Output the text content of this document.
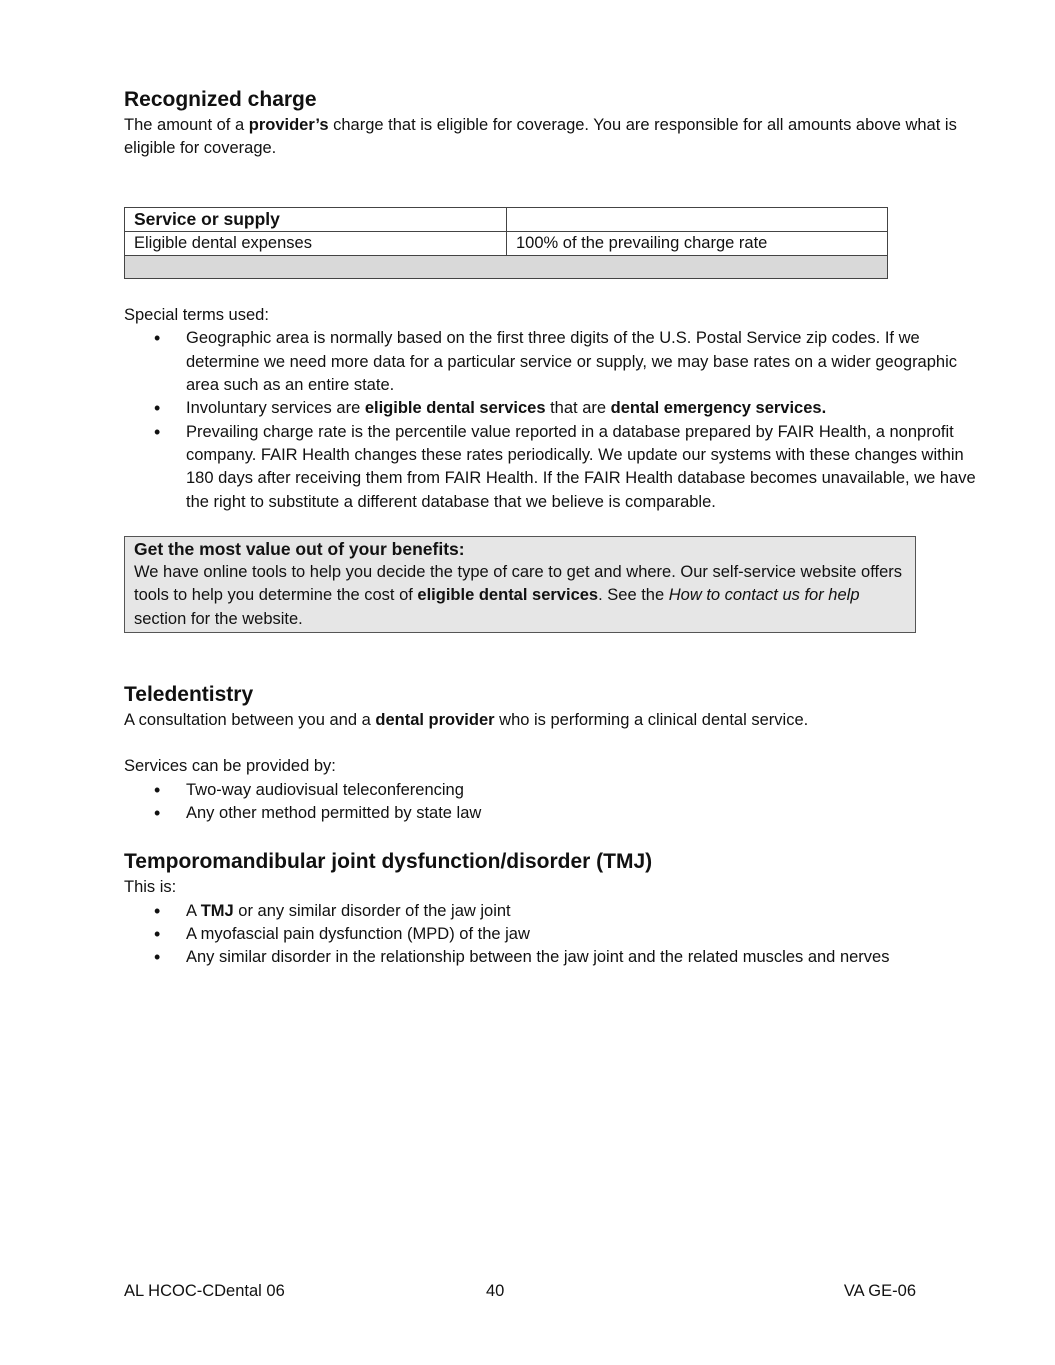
Recognized charge

The amount of a provider’s charge that is eligible for coverage. You are responsible for all amounts above what is eligible for coverage.

Service or supply	
Eligible dental expenses	100% of the prevailing charge rate

Special terms used:

• Geographic area is normally based on the first three digits of the U.S. Postal Service zip codes. If we determine we need more data for a particular service or supply, we may base rates on a wider geographic area such as an entire state.
• Involuntary services are eligible dental services that are dental emergency services.
• Prevailing charge rate is the percentile value reported in a database prepared by FAIR Health, a nonprofit company. FAIR Health changes these rates periodically. We update our systems with these changes within 180 days after receiving them from FAIR Health. If the FAIR Health database becomes unavailable, we have the right to substitute a different database that we believe is comparable.
Get the most value out of your benefits:
We have online tools to help you decide the type of care to get and where. Our self-service website offers tools to help you determine the cost of eligible dental services. See the How to contact us for help section for the website.
Teledentistry

A consultation between you and a dental provider who is performing a clinical dental service.

Services can be provided by:

• Two-way audiovisual teleconferencing
• Any other method permitted by state law
Temporomandibular joint dysfunction/disorder (TMJ)

This is:

• A TMJ or any similar disorder of the jaw joint
• A myofascial pain dysfunction (MPD) of the jaw
• Any similar disorder in the relationship between the jaw joint and the related muscles and nerves
AL HCOC-CDental 06	40	VA GE-06
